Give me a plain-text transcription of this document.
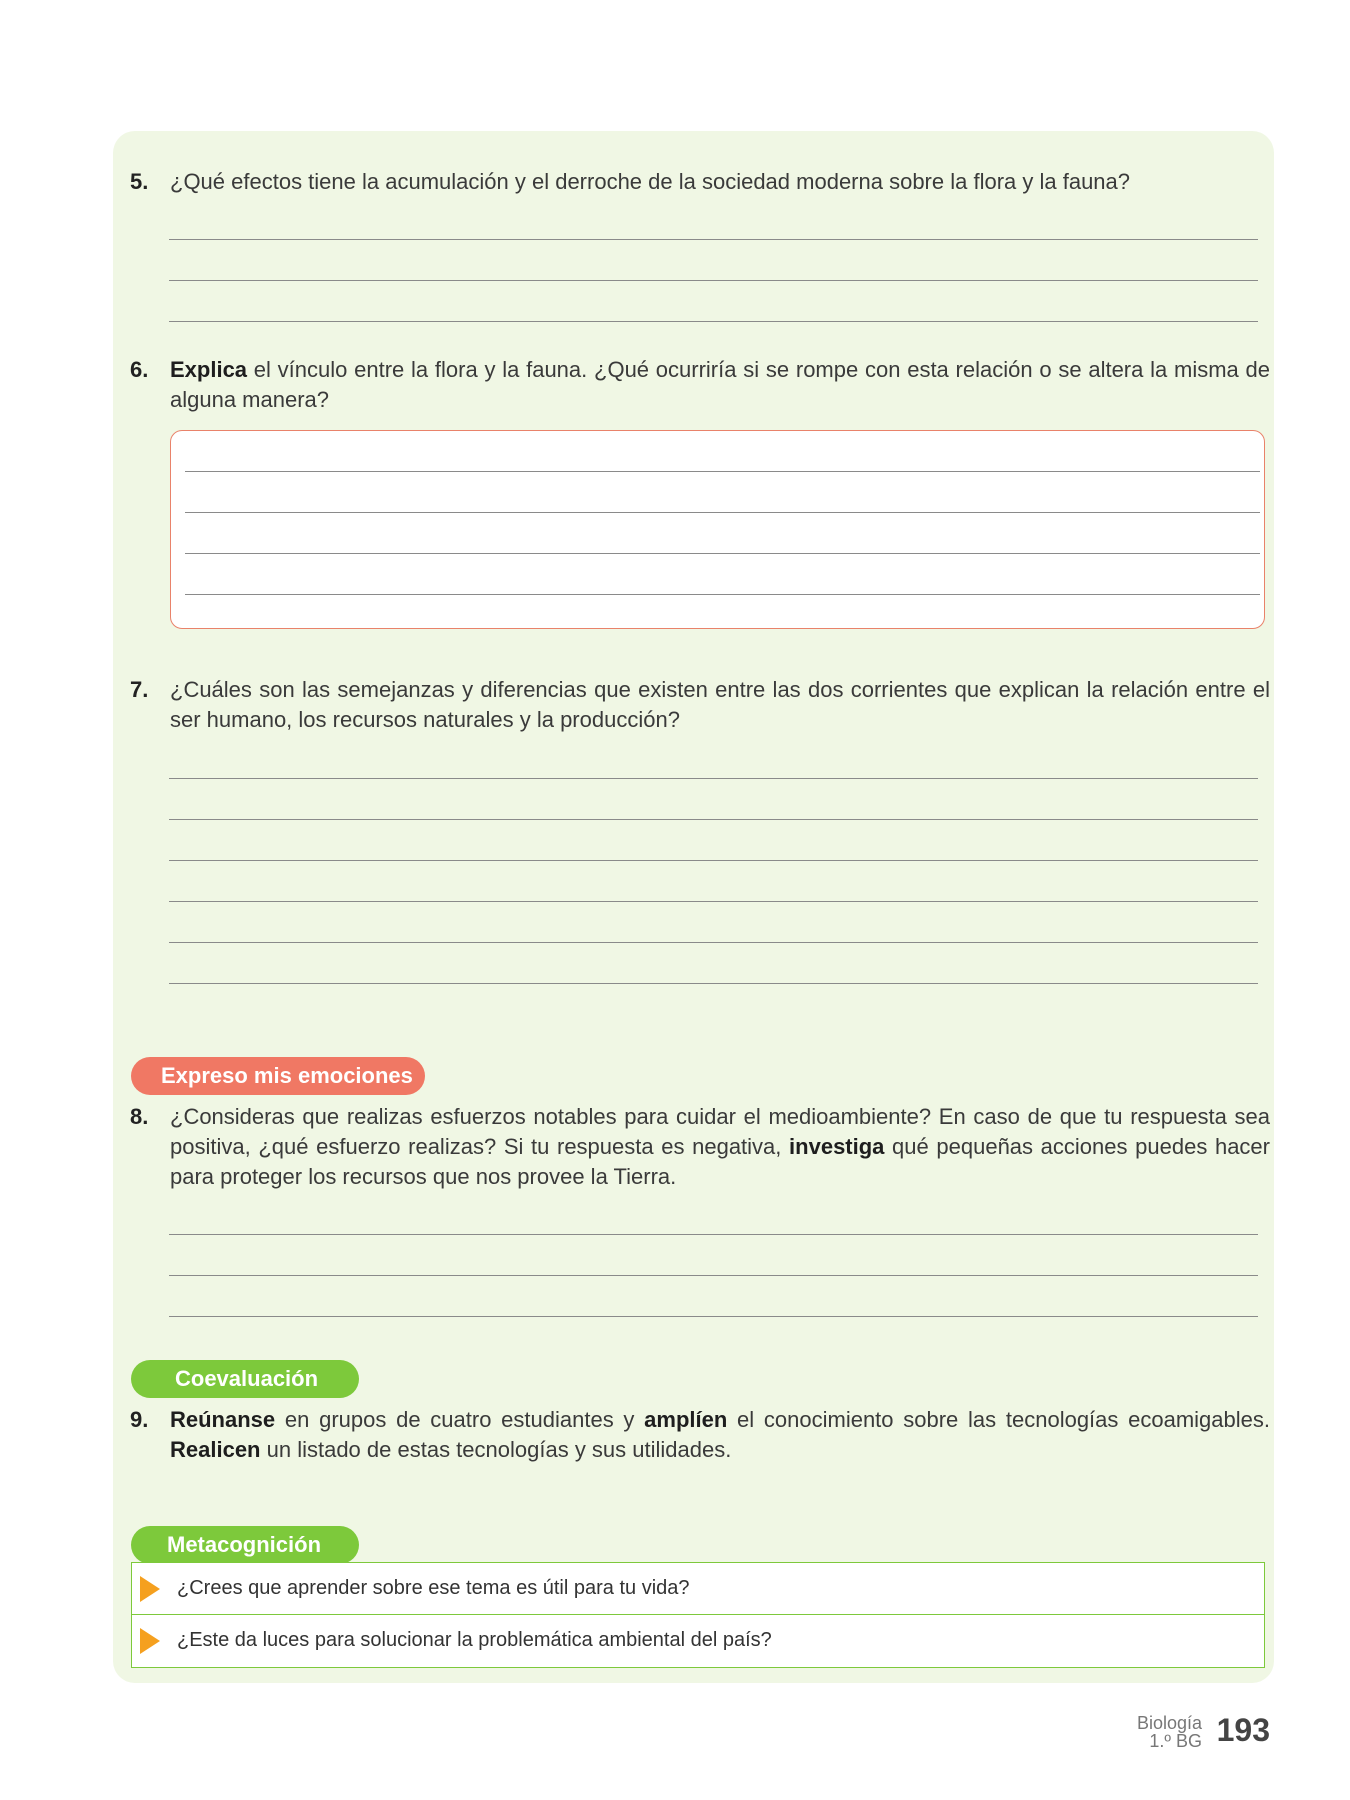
5. ¿Qué efectos tiene la acumulación y el derroche de la sociedad moderna sobre la flora y la fauna?
6. Explica el vínculo entre la flora y la fauna. ¿Qué ocurriría si se rompe con esta relación o se altera la misma de alguna manera?
7. ¿Cuáles son las semejanzas y diferencias que existen entre las dos corrientes que explican la relación entre el ser humano, los recursos naturales y la producción?
Expreso mis emociones
8. ¿Consideras que realizas esfuerzos notables para cuidar el medioambiente? En caso de que tu respuesta sea positiva, ¿qué esfuerzo realizas? Si tu respuesta es negativa, investiga qué pequeñas acciones puedes hacer para proteger los recursos que nos provee la Tierra.
Coevaluación
9. Reúnanse en grupos de cuatro estudiantes y amplíen el conocimiento sobre las tecnologías ecoamigables. Realicen un listado de estas tecnologías y sus utilidades.
Metacognición
¿Crees que aprender sobre ese tema es útil para tu vida?
¿Este da luces para solucionar la problemática ambiental del país?
Biología
1.º BG 193
